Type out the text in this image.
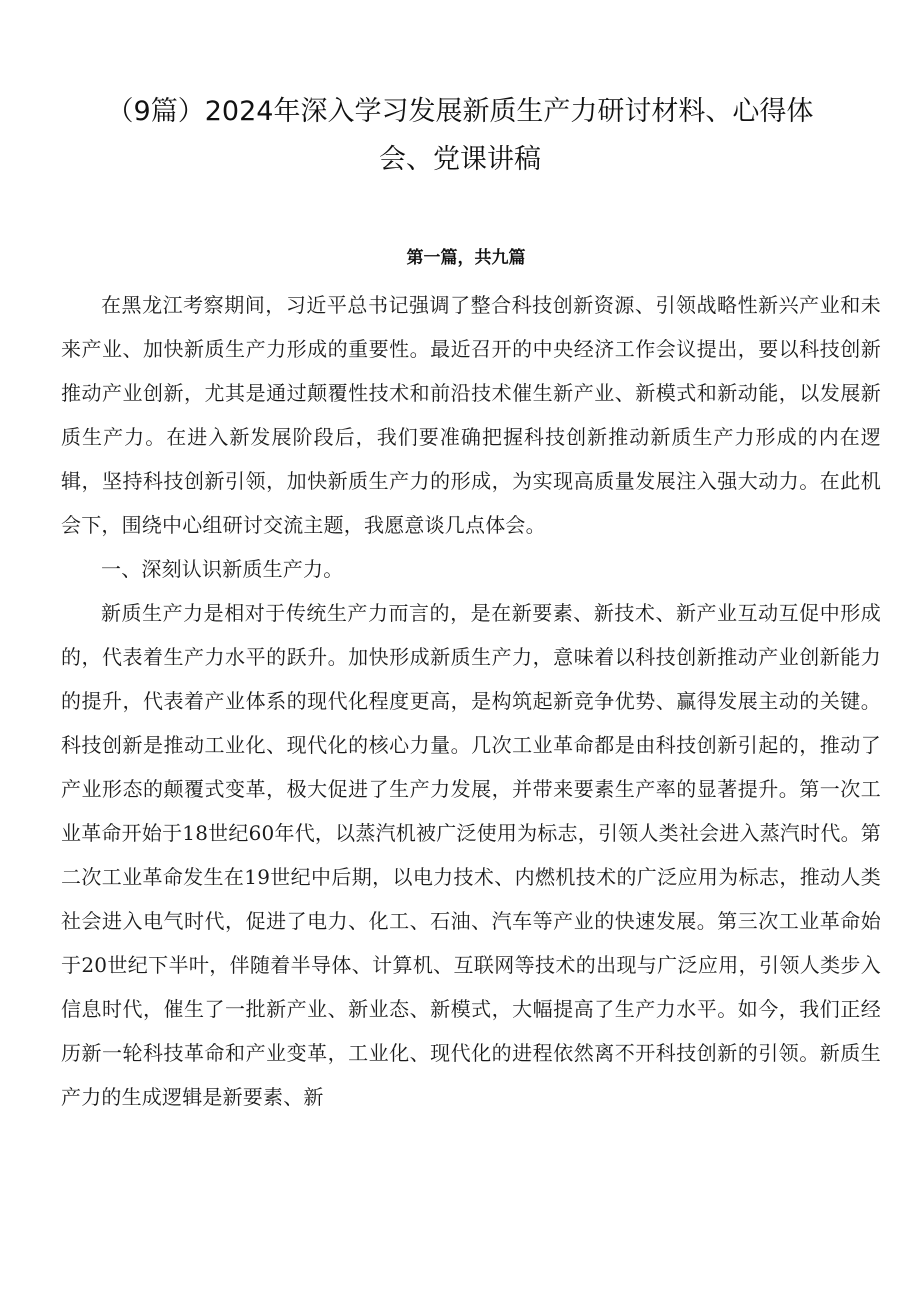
（9篇）2024年深入学习发展新质生产力研讨材料、心得体会、党课讲稿
第一篇，共九篇

在黑龙江考察期间，习近平总书记强调了整合科技创新资源、引领战略性新兴产业和未来产业、加快新质生产力形成的重要性。最近召开的中央经济工作会议提出，要以科技创新推动产业创新，尤其是通过颠覆性技术和前沿技术催生新产业、新模式和新动能，以发展新质生产力。在进入新发展阶段后，我们要准确把握科技创新推动新质生产力形成的内在逻辑，坚持科技创新引领，加快新质生产力的形成，为实现高质量发展注入强大动力。在此机会下，围绕中心组研讨交流主题，我愿意谈几点体会。

一、深刻认识新质生产力。

新质生产力是相对于传统生产力而言的，是在新要素、新技术、新产业互动互促中形成的，代表着生产力水平的跃升。加快形成新质生产力，意味着以科技创新推动产业创新能力的提升，代表着产业体系的现代化程度更高，是构筑起新竞争优势、赢得发展主动的关键。科技创新是推动工业化、现代化的核心力量。几次工业革命都是由科技创新引起的，推动了产业形态的颠覆式变革，极大促进了生产力发展，并带来要素生产率的显著提升。第一次工业革命开始于18世纪60年代，以蒸汽机被广泛使用为标志，引领人类社会进入蒸汽时代。第二次工业革命发生在19世纪中后期，以电力技术、内燃机技术的广泛应用为标志，推动人类社会进入电气时代，促进了电力、化工、石油、汽车等产业的快速发展。第三次工业革命始于20世纪下半叶，伴随着半导体、计算机、互联网等技术的出现与广泛应用，引领人类步入信息时代，催生了一批新产业、新业态、新模式，大幅提高了生产力水平。如今，我们正经历新一轮科技革命和产业变革，工业化、现代化的进程依然离不开科技创新的引领。新质生产力的生成逻辑是新要素、新
